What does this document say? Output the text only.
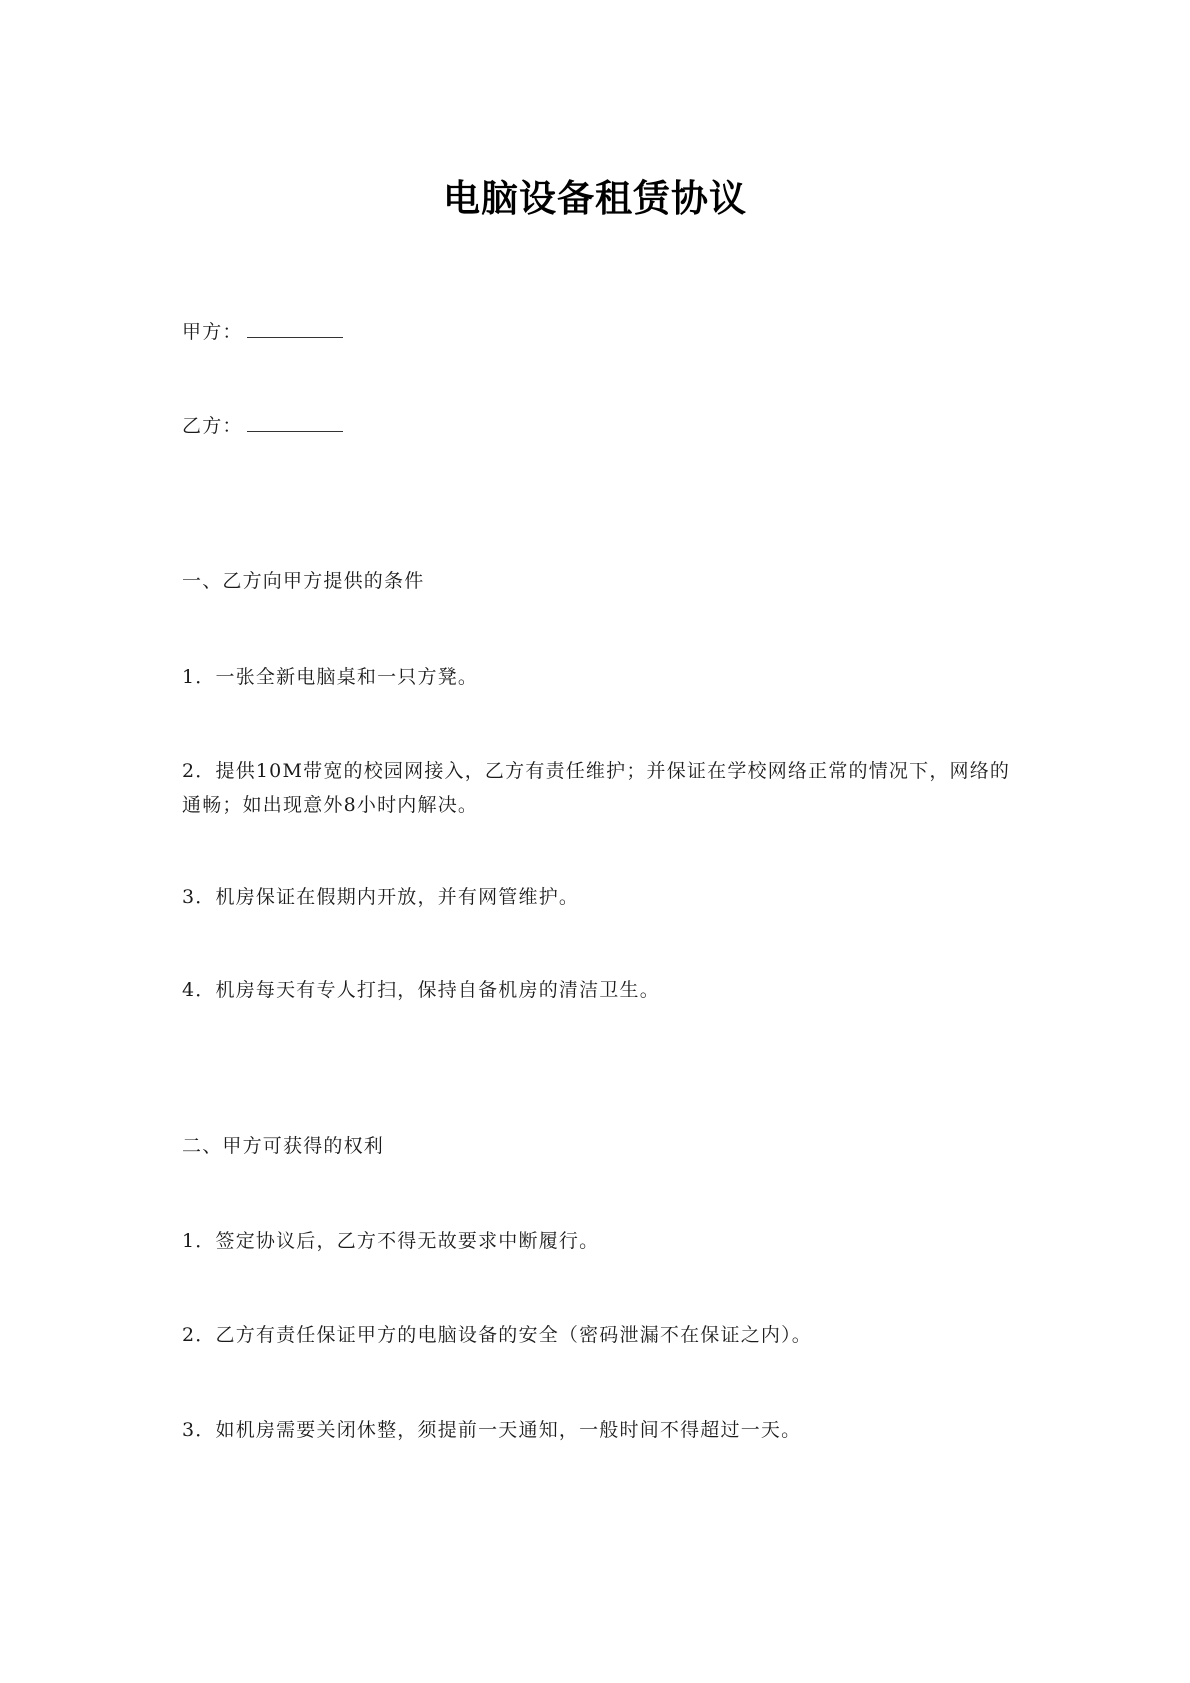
电脑设备租赁协议
甲方：
乙方：
一、乙方向甲方提供的条件
1．一张全新电脑桌和一只方凳。
2．提供10M带宽的校园网接入，乙方有责任维护；并保证在学校网络正常的情况下，网络的通畅；如出现意外8小时内解决。
3．机房保证在假期内开放，并有网管维护。
4．机房每天有专人打扫，保持自备机房的清洁卫生。
二、甲方可获得的权利
1．签定协议后，乙方不得无故要求中断履行。
2．乙方有责任保证甲方的电脑设备的安全（密码泄漏不在保证之内）。
3．如机房需要关闭休整，须提前一天通知，一般时间不得超过一天。
